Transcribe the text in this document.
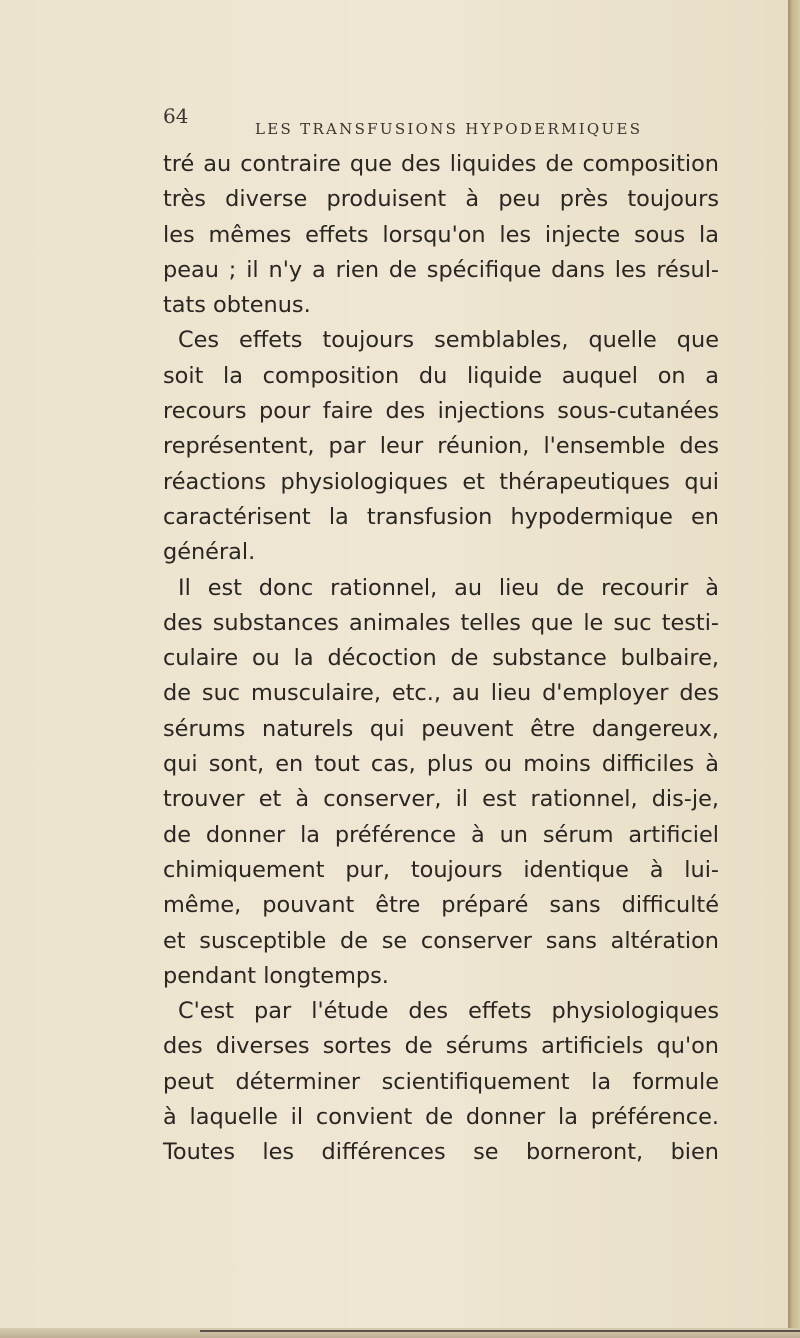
64
LES TRANSFUSIONS HYPODERMIQUES
tré au contraire que des liquides de composition
très diverse produisent à peu près toujours
les mêmes effets lorsqu'on les injecte sous la
peau ; il n'y a rien de spécifique dans les résul-
tats obtenus.
Ces effets toujours semblables, quelle que
soit la composition du liquide auquel on a
recours pour faire des injections sous-cutanées
représentent, par leur réunion, l'ensemble des
réactions physiologiques et thérapeutiques qui
caractérisent la transfusion hypodermique en
général.
Il est donc rationnel, au lieu de recourir à
des substances animales telles que le suc testi-
culaire ou la décoction de substance bulbaire,
de suc musculaire, etc., au lieu d'employer des
sérums naturels qui peuvent être dangereux,
qui sont, en tout cas, plus ou moins difficiles à
trouver et à conserver, il est rationnel, dis-je,
de donner la préférence à un sérum artificiel
chimiquement pur, toujours identique à lui-
même, pouvant être préparé sans difficulté
et susceptible de se conserver sans altération
pendant longtemps.
C'est par l'étude des effets physiologiques
des diverses sortes de sérums artificiels qu'on
peut déterminer scientifiquement la formule
à laquelle il convient de donner la préférence.
Toutes les différences se borneront, bien
